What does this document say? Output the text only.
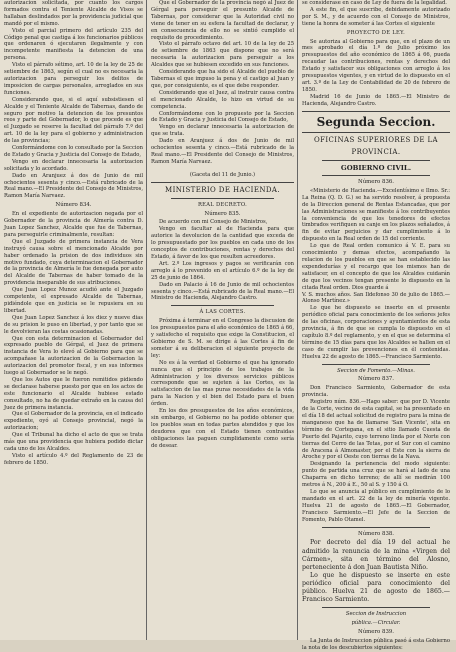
autorizacion solicitada, por cuanto los cargos formados contra el Teniente Alcalde de Visos se hallaban deslindados por la providencia judicial que mandó por el mismo.

Visto el parcial primero del artículo 235 del Código penal que castiga á los funcionarios públicos que ordenaren ó ejecutaren ilegalmente y con incompetente manifiesta la detencion de una persona.

Visto el párrafo sétimo, art. 10 de la ley de 25 de setiembre de 1863, según el cual no es necesaria la autorizacion para perseguir los delitos de imposicion de cargas personales, arreglados en sus funciones.

Considerando que, si el aquí subsistiesen el Alcalde y el Teniente Alcalde de Tabernas, dando de seguro por motivo la detencion de los presuntos reos y parte del Gobernador, lo que procede es que el Juzgado se reserve la facultad del párrafo 7.º del art. 10 de la ley para el gobierno y administracion de las provincias;

Conformándome con lo consultado por la Seccion de Estado y Gracia y Justicia del Consejo de Estado,

Vengo en declarar innecesaria la autorizacion solicitada y lo acordado.

Dado en Aranjuez á dos de Junio de mil ochocientos sesenta y cinco.—Está rubricado de la Real mano.—El Presidente del Consejo de Ministros, Ramon María Narvaez.

Número 834.

En el expediente de autorizacion negada por el Gobernador de la provincia de Almería contra D. Juan Lopez Sanchez, Alcalde que fue de Tabernas, para perseguirle criminalmente, resultan:

Que el Juzgado de primera instancia de Vera instruyó causa sobre el mencionado Alcalde por haber ordenado la prision de dos individuos sin motivo fundado, cuya determinacion el Gobernador de la provincia de Almería le fue denegada por auto del Alcalde de Tabernas de haber tomado de la providencia inseparable de sus atribuciones.

Que Juan Lopez Munoz acudió ante el Juzgado competente, el expresado Alcalde de Tabernas, pidiéndole que en justicia se le repusiera en su libertad.

Que Juan Lopez Sanchez á los diez y nueve dias de su prision le puso en libertad, y por tanto que se le devolvieran las costas ocasionadas.

Que con esta determinacion el Gobernador del expresado pueblo de Gérgal, el Juez de primera instancia de Vera lo elevó al Gobierno para que se acompañase la autorizacion de la Gobernacion la autorizacion del promotor fiscal, y en sus informes luego al Gobernador se le negó.

Que los Autos que le fueron remitidos pidiendo se declarase haberse puesto por que en los actos de este funcionario el Alcalde hubiese estado consultado, no ha de quedar extraño en la causa del Juez de primera instancia.

Que el Gobernador de la provincia, en el indicado expediente, oyó al Consejo provincial, negó la autorizacion;

Que el Tribunal ha dicho el acto de que se trata más que una providencia que hubiera podido dictar cada uno de los Alcaldes.

Visto el artículo 4.º del Reglamento de 23 de febrero de 1850.

Que el Gobernador de la provincia negó al Juez de Gérgal para perseguir el presunto Alcalde de Tabernas, por considerar que la Autoridad civil no viene de tener en su esfera la facultad de declarar, y en consecuencia de ello no se sintió cumplido el requisito de procedimiento.

Visto el párrafo octavo del art. 10 de la ley de 25 de setiembre de 1863 que dispone que no será necesaria la autorizacion para perseguir a los Alcaldes que se hubiesen excedido en sus funciones.

Considerando que ha sido el Alcalde del pueblo de Tabernas el que impuso la pena y el castigo al Juan y que, por consiguiente, es el que debe responder.

Considerando que el Juez, al instruir causa contra el mencionado Alcalde, lo hizo en virtud de su competencia.

Conformándome con lo propuesto por la Seccion de Estado y Gracia y Justicia del Consejo de Estado,

Vengo en declarar innecesaria la autorizacion de que se trata.

Dado en Aranjuez á dos de Junio de mil ochocientos sesenta y cinco.—Está rubricado de la Real mano.—El Presidente del Consejo de Ministros, Ramon María Narvaez.

(Gaceta del 11 de Junio.)

MINISTERIO DE HACIENDA.

REAL DECRETO.

Número 835.

De acuerdo con mi Consejo de Ministros,

Vengo en facultar al de Hacienda para que autorice la devolucion de la cantidad que exceda de lo presupuestado por los pueblos en cada uno de los conceptos de contribuciones, rentas y derechos del Estado, á favor de los que resulten acreedores.

Art. 2.º Los ingresos y pagos se verificarán con arreglo á lo prevenido en el artículo 6.º de la ley de 25 de junio de 1864.

Dado en Palacio á 16 de Junio de mil ochocientos sesenta y cinco.—Está rubricado de la Real mano.—El Ministro de Hacienda, Alejandro Castro.

Á LAS CORTES.

Próxima á terminar en el Congreso la discusion de los presupuestos para el año económico de 1865 á 66, y satisfecho el requisito que exige la Constitucion, el Gobierno de S. M. se dirige á las Cortes á fin de someter á su deliberacion el siguiente proyecto de ley:

No es á la verdad el Gobierno el que ha ignorado nunca que el principio de los trabajos de la Administracion y los diversos servicios públicos corresponde que se sujeten á las Cortes, es la satisfaccion de las mas puras necesidades de la vida para la Nacion y el bien del Estado para el buen órden.

En los dos presupuestos de los años económicos, sin embargo, el Gobierno no ha podido obtener que los pueblos sean en todas partes atendidos y que los deudores que con el Estado tienen contraidas obligaciones las paguen cumplidamente como sería de desear.

se considerase en caso de Ley de fuera de la legalidad.

A este fin, el que suscribe, debidamente autorizado por S. M., y de acuerdo con el Consejo de Ministros, tiene la honra de someter á las Cortes el siguiente

PROYECTO DE LEY.

Se autoriza al Gobierno para que, en el plazo de un mes aprobado el día 1.º de Julio próximo los presupuestos del año económico de 1865 á 66, pueda recaudar las contribuciones, rentas y derechos del Estado y satisfacer sus obligaciones con arreglo á los presupuestos vigentes, y en virtud de lo dispuesto en el art. 3.º de la Ley de Contabilidad de 20 de febrero de 1850.

Madrid 16 de Junio de 1865.—El Ministro de Hacienda, Alejandro Castro.

Segunda Seccion.

OFICINAS SUPERIORES DE LA

PROVINCIA.

GOBIERNO CIVIL.

Número 836.

«Ministerio de Hacienda.—Excelentísimo e Ilmo. Sr.: La Reina (Q. D. G.) se ha servido resolver, á propuesta de la Direccion general de Rentas Estancadas, que por las Administraciones se manifieste á los contribuyentes la conveniencia de que los tenedores de efectos timbrados verifiquen su canje en los plazos señalados, á fin de evitar perjuicios y dar cumplimiento á lo dispuesto en la Real orden de 15 del corriente.

Lo que de Real orden comunico á V. E. para su conocimiento y demas efectos, acompañando la relacion de los pueblos en que se han establecido las expendedurías y el recargo que los mismos han de satisfacer, en el concepto de que los Alcaldes cuidarán de que los vecinos tengan presente lo dispuesto en la citada Real orden. Dios guarde á

V. S. muchos años. San Ildefonso 30 de julio de 1865.—Alonso Martínez.»

Lo que he dispuesto se inserte en el presente periódico oficial para conocimiento de los señores jefes de las oficinas, corporaciones y ayuntamientos de esta provincia, á fin de que se cumpla lo dispuesto en el capítulo 8.º del reglamento, y en el que se determina el término de 15 días para que los Alcaldes se hallen en el caso de cumplir las prevenciones en él contenidas. Huelva 22 de agosto de 1865.—Francisco Sarmiento.

Seccion de Fomento.—Minas.

Número 837.

Don Francisco Sarmiento, Gobernador de esta provincia.

Registro núm. 836.—Hago saber: que por D. Vicente de la Corte, vecino de esta capital, se ha presentado en el día 18 del actual solicitud de registro para la mina de manganeso que ha de llamarse 'San Vicente', sita en término de Cortegana, en el sitio llamado Cuesta de Puerto del Pajarito, cuyo terreno linda por el Norte con tierras del Cerro de las Tetas, por el Sur con el camino de Aracena á Almonaster, por el Este con la sierra de Aroche y por el Oeste con tierras de la Nava.

Designando la pertenencia del modo siguiente: punto de partida una cruz que se hará al lado de una Chaparra en dicho terreno; de allí se medirán 100 metros á N., 200 á E., 50 al S. y 150 á O.

Lo que se anuncia al público en cumplimiento de lo mandado en el art. 22 de la ley de minería vigente. Huelva 21 de agosto de 1865.—El Gobernador, Francisco Sarmiento.—El Jefe de la Seccion de Fomento, Pablo Otamel.

Número 838.

Por decreto del día 19 del actual he admitido la renuncia de la mina «Virgen del Cármen», sita en término del Alosno, perteneciente á don Juan Bautista Niño.

Lo que he dispuesto se inserte en este periódico oficial para conocimiento del público. Huelva 21 de agosto de 1865.—Francisco Sarmiento.

Seccion de Instruccion

pública.—Circular.

Número 839.

La Junta de Instruccion pública pasó á esta Gobierno la nota de los descubiertos siguientes:
